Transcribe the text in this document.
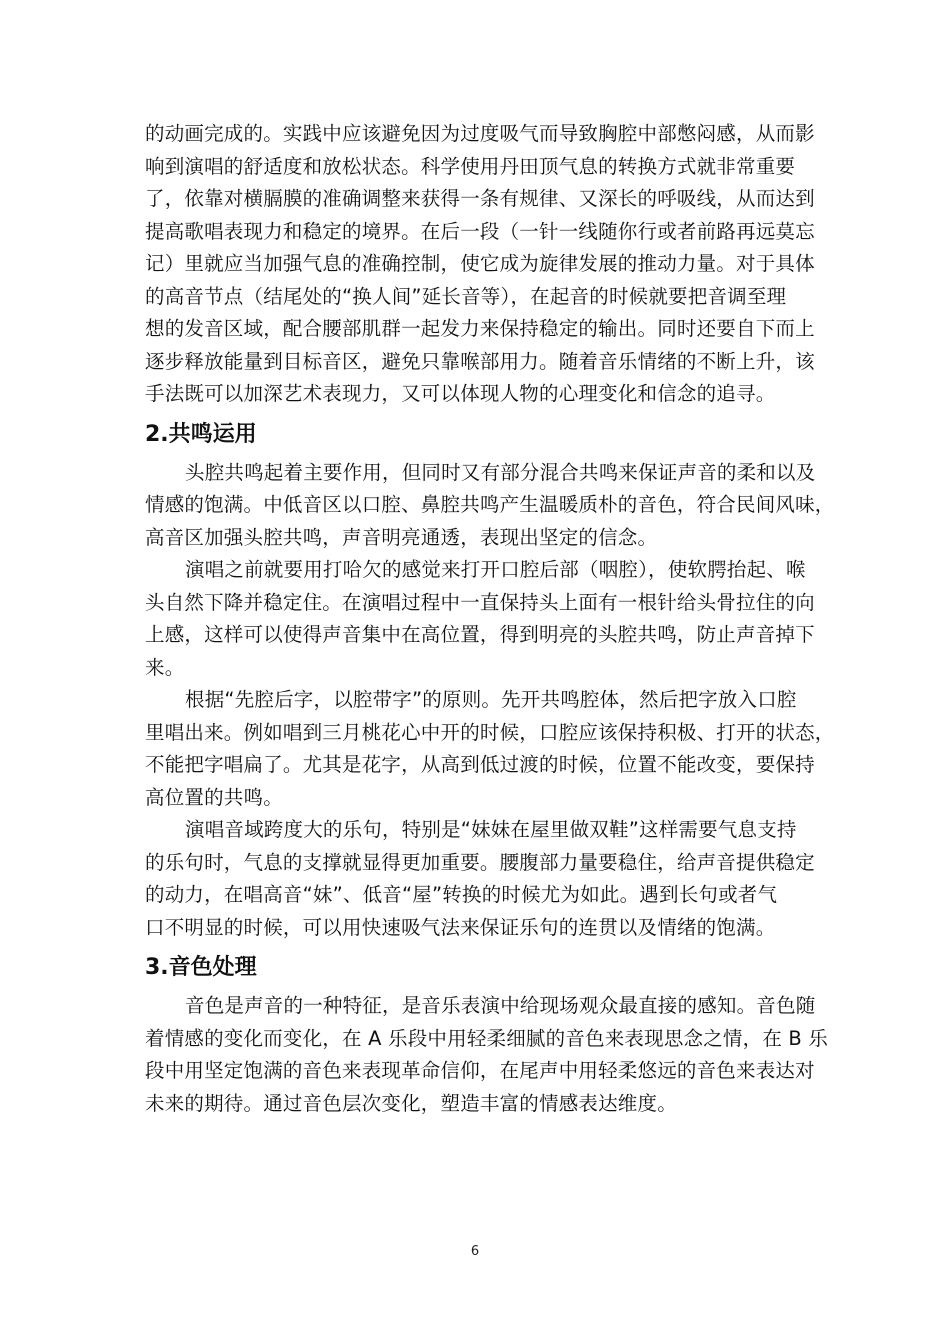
的动画完成的。实践中应该避免因为过度吸气而导致胸腔中部憋闷感，从而影
响到演唱的舒适度和放松状态。科学使用丹田顶气息的转换方式就非常重要
了，依靠对横膈膜的准确调整来获得一条有规律、又深长的呼吸线，从而达到
提高歌唱表现力和稳定的境界。在后一段（一针一线随你行或者前路再远莫忘
记）里就应当加强气息的准确控制，使它成为旋律发展的推动力量。对于具体
的高音节点（结尾处的“换人间”延长音等），在起音的时候就要把音调至理
想的发音区域，配合腰部肌群一起发力来保持稳定的输出。同时还要自下而上
逐步释放能量到目标音区，避免只靠喉部用力。随着音乐情绪的不断上升，该
手法既可以加深艺术表现力，又可以体现人物的心理变化和信念的追寻。
2.共鸣运用
头腔共鸣起着主要作用，但同时又有部分混合共鸣来保证声音的柔和以及
情感的饱满。中低音区以口腔、鼻腔共鸣产生温暖质朴的音色，符合民间风味，
高音区加强头腔共鸣，声音明亮通透，表现出坚定的信念。
演唱之前就要用打哈欠的感觉来打开口腔后部（咽腔），使软腭抬起、喉
头自然下降并稳定住。在演唱过程中一直保持头上面有一根针给头骨拉住的向
上感，这样可以使得声音集中在高位置，得到明亮的头腔共鸣，防止声音掉下
来。
根据“先腔后字，以腔带字”的原则。先开共鸣腔体，然后把字放入口腔
里唱出来。例如唱到三月桃花心中开的时候，口腔应该保持积极、打开的状态，
不能把字唱扁了。尤其是花字，从高到低过渡的时候，位置不能改变，要保持
高位置的共鸣。
演唱音域跨度大的乐句，特别是“妹妹在屋里做双鞋”这样需要气息支持
的乐句时，气息的支撑就显得更加重要。腰腹部力量要稳住，给声音提供稳定
的动力，在唱高音“妹”、低音“屋”转换的时候尤为如此。遇到长句或者气
口不明显的时候，可以用快速吸气法来保证乐句的连贯以及情绪的饱满。
3.音色处理
音色是声音的一种特征，是音乐表演中给现场观众最直接的感知。音色随
着情感的变化而变化，在 A 乐段中用轻柔细腻的音色来表现思念之情，在 B 乐
段中用坚定饱满的音色来表现革命信仰，在尾声中用轻柔悠远的音色来表达对
未来的期待。通过音色层次变化，塑造丰富的情感表达维度。
6
